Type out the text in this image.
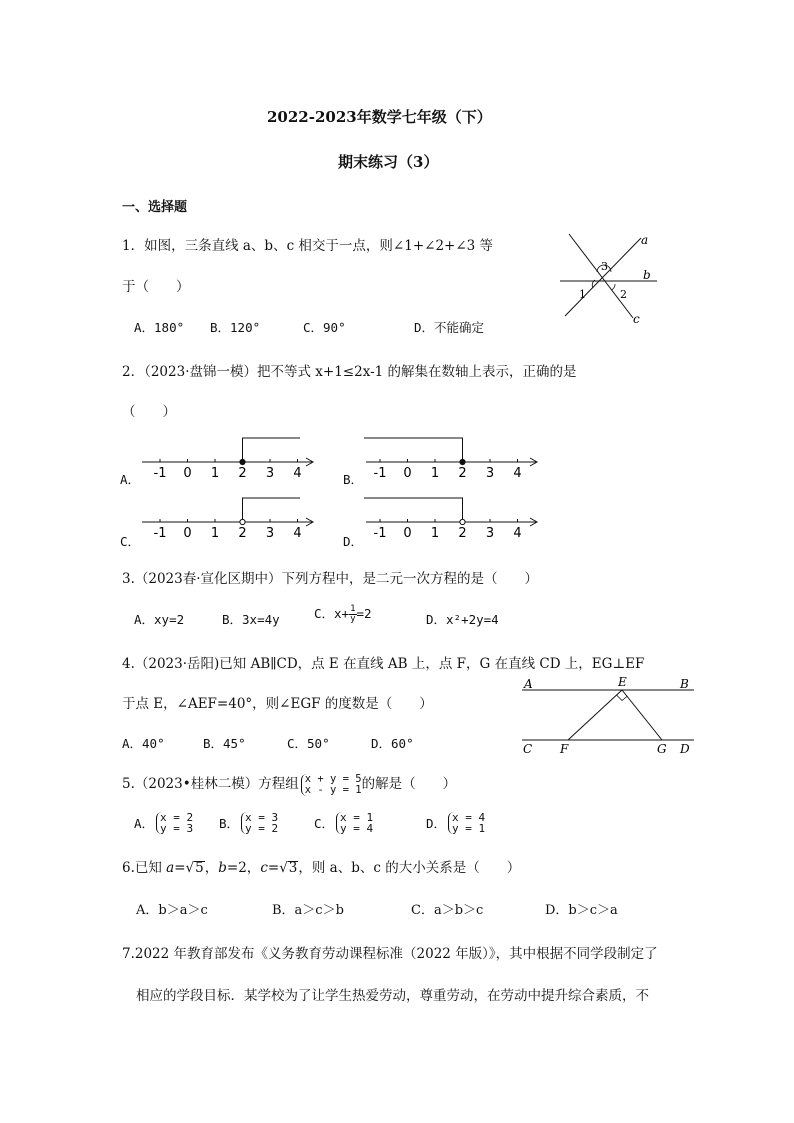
2022-2023年数学七年级（下）
期末练习（3）
一、选择题
1．如图，三条直线 a、b、c 相交于一点，则∠1+∠2+∠3 等
于（　　）
A．180° B．120°	C．90°	D．不能确定
a
b
c
1	2
3
2．（2023·盘锦一模）把不等式 x+1≤2x-1 的解集在数轴上表示，正确的是
（　　）
A．	B．
C．	D．
-1 0 1 2 3 4	-1 0 1 2 3 4
-1 0 1 2 3 4	-1 0 1 2 3 4
3.（2023春·宣化区期中）下列方程中，是二元一次方程的是（　　）
A．xy=2	B．3x=4y	C．$x+ \frac{1}{y} =2$	D．x²+2y=4
4.（2023·岳阳)已知 AB∥CD，点 E 在直线 AB 上，点 F，G 在直线 CD 上，EG⊥EF
于点 E，∠AEF=40°，则∠EGF 的度数是（　　）
A．40°	B．45°	C．50°	D．60°
A	B
E
C F	G D
5.（2023•桂林二模）方程组 x + y = 5
x - y = 1 的解是（　　）
A． x = 2
y = 3 B． x = 3
y = 2	C． x = 1
y = 4	D． x = 4
y = 1
6.已知 a=√5，b=2，c=√3，则 a、b、c 的大小关系是（　　）
A．b＞a＞c	B．a＞c＞b	C．a＞b＞c	D．b＞c＞a
7.2022 年教育部发布《义务教育劳动课程标准（2022 年版）》，其中根据不同学段制定了
相应的学段目标．某学校为了让学生热爱劳动，尊重劳动，在劳动中提升综合素质，不
